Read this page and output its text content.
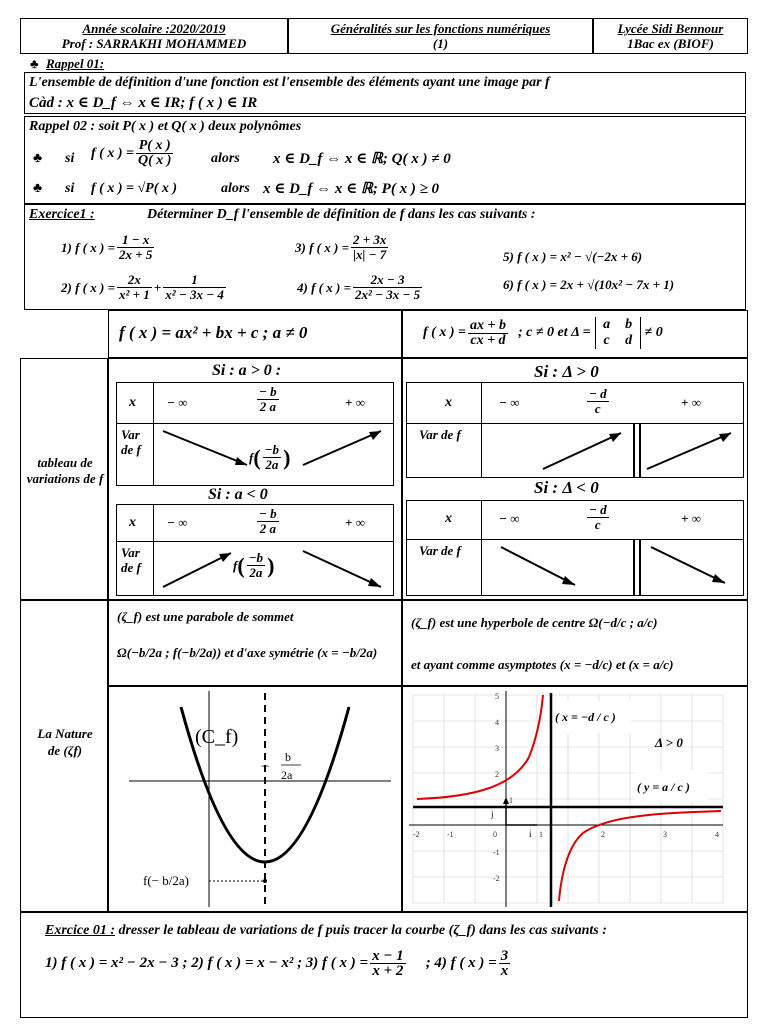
Année scolaire :2020/2019
Prof : SARRAKHI MOHAMMED
Généralités sur les fonctions numériques
(1)
Lycée Sidi Bennour
1Bac ex (BIOF)
♣ Rappel 01:
L'ensemble de définition d'une fonction est l'ensemble des éléments ayant une image par f
Càd : x ∈ D_f ⇔ x ∈ IR; f ( x ) ∈ IR
Rappel 02 : soit P( x ) et Q( x ) deux polynômes
♣ si f ( x ) = $\frac{P( x )}{Q( x )}$	alors x ∈ D_f ⇔ x ∈ ℝ; Q( x ) ≠ 0
♣ si f ( x ) = √P( x )	alors x ∈ D_f ⇔ x ∈ ℝ; P( x ) ≥ 0
Exercice1 :	Déterminer D_f l'ensemble de définition de f dans les cas suivants :
1) f ( x ) = $\frac{1 - x}{2x + 5}$	3) f ( x ) = $\frac{2 + 3x}{|x| - 7}$	5) f ( x ) = x² − √(−2x + 6)
2) f ( x ) = $\frac{2x}{\text{x² + 1}} + \frac{1}{\text{x² − 3x − 4}}$	4) f ( x ) = $\frac{2x - 3}{\text{2x² − 3x − 5}}$	6) f ( x ) = 2x + √(10x² − 7x + 1)
f ( x ) = ax² + bx + c ; a ≠ 0	f ( x ) = $\frac{ax + b}{cx + d}$ ; c ≠ 0 et Δ =
a	b
c	d
≠ 0
tableau de variations de f
Si : a > 0 :
x − ∞	$\frac{- b}{2 a}$	+ ∞
Var de f	f ( $\frac{-b}{2a}$ )
Si : a < 0
x − ∞	$\frac{- b}{2 a}$	+ ∞
Var de f	f ( $\frac{-b}{2a}$ )
Si : Δ > 0
x	− ∞	$\frac{- d}{c}$	+ ∞
Var de f
Si : Δ < 0
x	− ∞	$\frac{- d}{c}$	+ ∞
Var de f
La Nature de (ζf)
(ζ_f) est une parabole de sommet
Ω(−b/2a ; f(−b/2a)) et d'axe symétrie (x = −b/2a)
(ζ_f) est une hyperbole de centre Ω(−d/c ; a/c)
et ayant comme asymptotes (x = −d/c) et (x = a/c)
(C_f)
−
b
2a
f(− b/2a)
j
i
-2	-1	0	1	2	3	4
5
4
3
2
1
-1
-2
( x = −d / c )
Δ > 0
( y = a / c )
Exrcice 01 : dresser le tableau de variations de f puis tracer la courbe (ζ_f) dans les cas suivants :
1) f ( x ) = x² − 2x − 3 ; 2) f ( x ) = x − x² ; 3) f ( x ) = $\frac{x - 1}{x + 2}$ ; 4) f ( x ) = $\frac{3}{x}$
